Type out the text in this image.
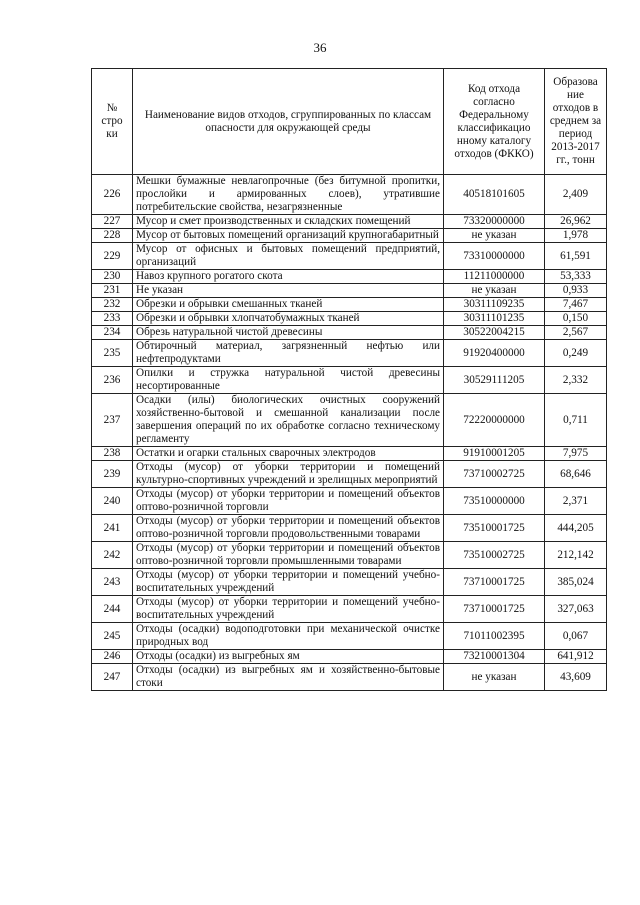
36
№ стро ки	Наименование видов отходов, сгруппированных по классам опасности для окружающей среды	Код отхода согласно Федеральному классификацио нному каталогу отходов (ФККО)	Образова ние отходов в среднем за период 2013-2017 гг., тонн
226	Мешки бумажные невлагопрочные (без битумной пропитки, прослойки и армированных слоев), утратившие потребительские свойства, незагрязненные	40518101605	2,409
227	Мусор и смет производственных и складских помещений	73320000000	26,962
228	Мусор от бытовых помещений организаций крупногабаритный	не указан	1,978
229	Мусор от офисных и бытовых помещений предприятий, организаций	73310000000	61,591
230	Навоз крупного рогатого скота	11211000000	53,333
231	Не указан	не указан	0,933
232	Обрезки и обрывки смешанных тканей	30311109235	7,467
233	Обрезки и обрывки хлопчатобумажных тканей	30311101235	0,150
234	Обрезь натуральной чистой древесины	30522004215	2,567
235	Обтирочный материал, загрязненный нефтью или нефтепродуктами	91920400000	0,249
236	Опилки и стружка натуральной чистой древесины несортированные	30529111205	2,332
237	Осадки (илы) биологических очистных сооружений хозяйственно-бытовой и смешанной канализации после завершения операций по их обработке согласно техническому регламенту	72220000000	0,711
238	Остатки и огарки стальных сварочных электродов	91910001205	7,975
239	Отходы (мусор) от уборки территории и помещений культурно-спортивных учреждений и зрелищных мероприятий	73710002725	68,646
240	Отходы (мусор) от уборки территории и помещений объектов оптово-розничной торговли	73510000000	2,371
241	Отходы (мусор) от уборки территории и помещений объектов оптово-розничной торговли продовольственными товарами	73510001725	444,205
242	Отходы (мусор) от уборки территории и помещений объектов оптово-розничной торговли промышленными товарами	73510002725	212,142
243	Отходы (мусор) от уборки территории и помещений учебно-воспитательных учреждений	73710001725	385,024
244	Отходы (мусор) от уборки территории и помещений учебно-воспитательных учреждений	73710001725	327,063
245	Отходы (осадки) водоподготовки при механической очистке природных вод	71011002395	0,067
246	Отходы (осадки) из выгребных ям	73210001304	641,912
247	Отходы (осадки) из выгребных ям и хозяйственно-бытовые стоки	не указан	43,609
